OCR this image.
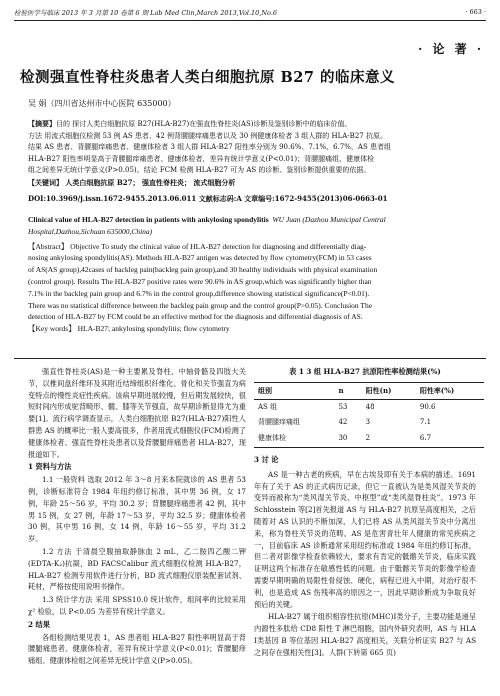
检验医学与临床 2013 年 3 月第 10 卷第 6 期 Lab Med Clin,March 2013,Vol.10,No.6	· 663 ·
· 论 著 ·
检测强直性脊柱炎患者人类白细胞抗原 B27 的临床意义
吴 娟（四川省达州市中心医院 635000）
【摘要】目的 探讨人类白细胞抗原 B27(HLA-B27)在强直性脊柱炎(AS)诊断及鉴别诊断中的临床价值。
方法 用流式细胞仪检测 53 例 AS 患者、42 例背腰腿痒痛患者以及 30 例健康体检者 3 组人群的 HLA-B27 抗原。
结果 AS 患者、背腰腿痒痛患者、健康体检者 3 组人群 HLA-B27 阳性率分别为 90.6%、7.1%、6.7%，AS 患者组
HLA-B27 阳性率明显高于背腰腿痒痛患者、健康体检者，差异有统计学意义(P<0.01)；背腰腿痛组、健康体检
组之间差异无统计学意义(P>0.05)。结论 FCM 检测 HLA-B27 可为 AS 的诊断、鉴别诊断提供重要的依据。
【关键词】 人类白细胞抗原 B27； 强直性脊柱炎； 流式细胞分析
DOI:10.3969/j.issn.1672-9455.2013.06.011 文献标志码:A 文章编号:1672-9455(2013)06-0663-01
Clinical value of HLA-B27 detection in patients with ankylosing spondylitis WU Juan (Dazhou Municipal Central
Hospital,Dazhou,Sichuan 635000,China)
【Abstract】 Objective To study the clinical value of HLA-B27 detection for diagnosing and differentially diag-
nosing ankylosing spondylitis(AS). Methods HLA-B27 antigen was detected by flow cytometry(FCM) in 53 cases
of AS(AS group),42cases of backleg pain(backleg pain group),and 30 healthy individuals with physical examination
(control group). Results The HLA-B27 positive rates were 90.6% in AS group,which was significantly higher than
7.1% in the backleg pain group and 6.7% in the control group,difference showing statistical significance(P<0.01).
There was no statistical difference between the backleg pain group and the control group(P>0.05). Conclusion The
detection of HLA-B27 by FCM could be an effective method for the diagnosis and differential diagnosis of AS.
【Key words】 HLA-B27; ankylosing spondylitis; flow cytometry

强直性脊柱炎(AS)是一种主要累及脊柱、中轴骨骼及四肢大关节，以椎间盘纤维环及其附近结缔组织纤维化、骨化和关节强直为病变特点的慢性炎症性疾病。该病早期进展较慢，但后期发展较快，很短时间内形成驼背畸形、髋、膝等关节强直，故早期诊断显得尤为重要[1]。流行病学调查显示，人类白细胞抗原 B27(HLA-B27)阳性人群患 AS 的概率比一般人要高很多，作者用流式细胞仪(FCM)检测了健康体检者、强直性脊柱炎患者以及背腰腿痒痛患者 HLA-B27，现报道如下。

1 资料与方法

1.1 一般资料 选取 2012 年 3～8 月来本院就诊的 AS 患者 53 例，诊断标准符合 1984 年纽约修订标准，其中男 36 例，女 17 例，年龄 25～56 岁，平均 30.2 岁；背腰腿痒痛患者 42 例，其中男 15 例，女 27 例，年龄 17～53 岁，平均 32.5 岁；健康体检者 30 例，其中男 16 例，女 14 例，年龄 16～55 岁，平均 31.2 岁。

1.2 方法 于清晨空腹抽取静脉血 2 mL，乙二胺四乙酸二钾(EDTA-K₂)抗凝，BD FACSCalibur 流式细胞仪检测 HLA-B27，HLA-B27 检测专用软件进行分析，BD 流式细胞仪原装配套试剂、耗材，严格按使用说明书操作。

1.3 统计学方法 采用 SPSS10.0 统计软件，组间率的比较采用 χ² 检验，以 P<0.05 为差异有统计学意义。

2 结果

各组检测结果见表 1，AS 患者组 HLA-B27 阳性率明显高于背腰腿痛患者、健康体检者，差异有统计学意义(P<0.01)；背腰腿痒痛组、健康体检组之间差异无统计学意义(P>0.05)。

表 1 3 组 HLA-B27 抗原阳性率检测结果(%)
组别	n	阳性(n)	阳性率(%)
AS 组	53	48	90.6
背腰腿痒痛组	42	3	7.1
健康体检	30	2	6.7

3 讨 论

AS 是一种古老的疾病，早在古埃及即有关于本病的描述。1691 年有了关于 AS 的正式病历记录，但它一直被认为是类风湿关节炎的变异而被称为“类风湿关节炎、中枢型”或“类风湿脊柱炎”。1973 年 Schlosstein 等[2]首先报道 AS 与 HLA-B27 抗原呈高度相关，之后随着对 AS 认识的不断加深，人们已将 AS 从类风湿关节炎中分离出来，称为脊柱关节炎的范畴。AS 是危害青壮年人健康的常见疾病之一，目前临床 AS 诊断通常采用纽约标准或 1984 年纽约修订标准，但二者对影像学检查依赖较大，要求有肯定的骶髂关节炎，临床实践证明这两个标准存在敏感性低的问题。由于骶髂关节炎的影像学检查需要早期明确的局限性骨侵蚀、硬化，病程已进入中期，对治疗很不利，也是造成 AS 伤残率高的原因之一，因此早期诊断成为争取良好预后的关键。

HLA-B27 属于组织相容性抗原(MHC)Ⅰ类分子，主要功能是递呈内源性多肽给 CD8 阳性 T 淋巴细胞，国内外研究表明，AS 与 HLA Ⅰ类基因 B 等位基因 HLA-B27 高度相关，关联分析证实 B27 与 AS 之间存在强相关性[3]。人群(下转第 665 页)
